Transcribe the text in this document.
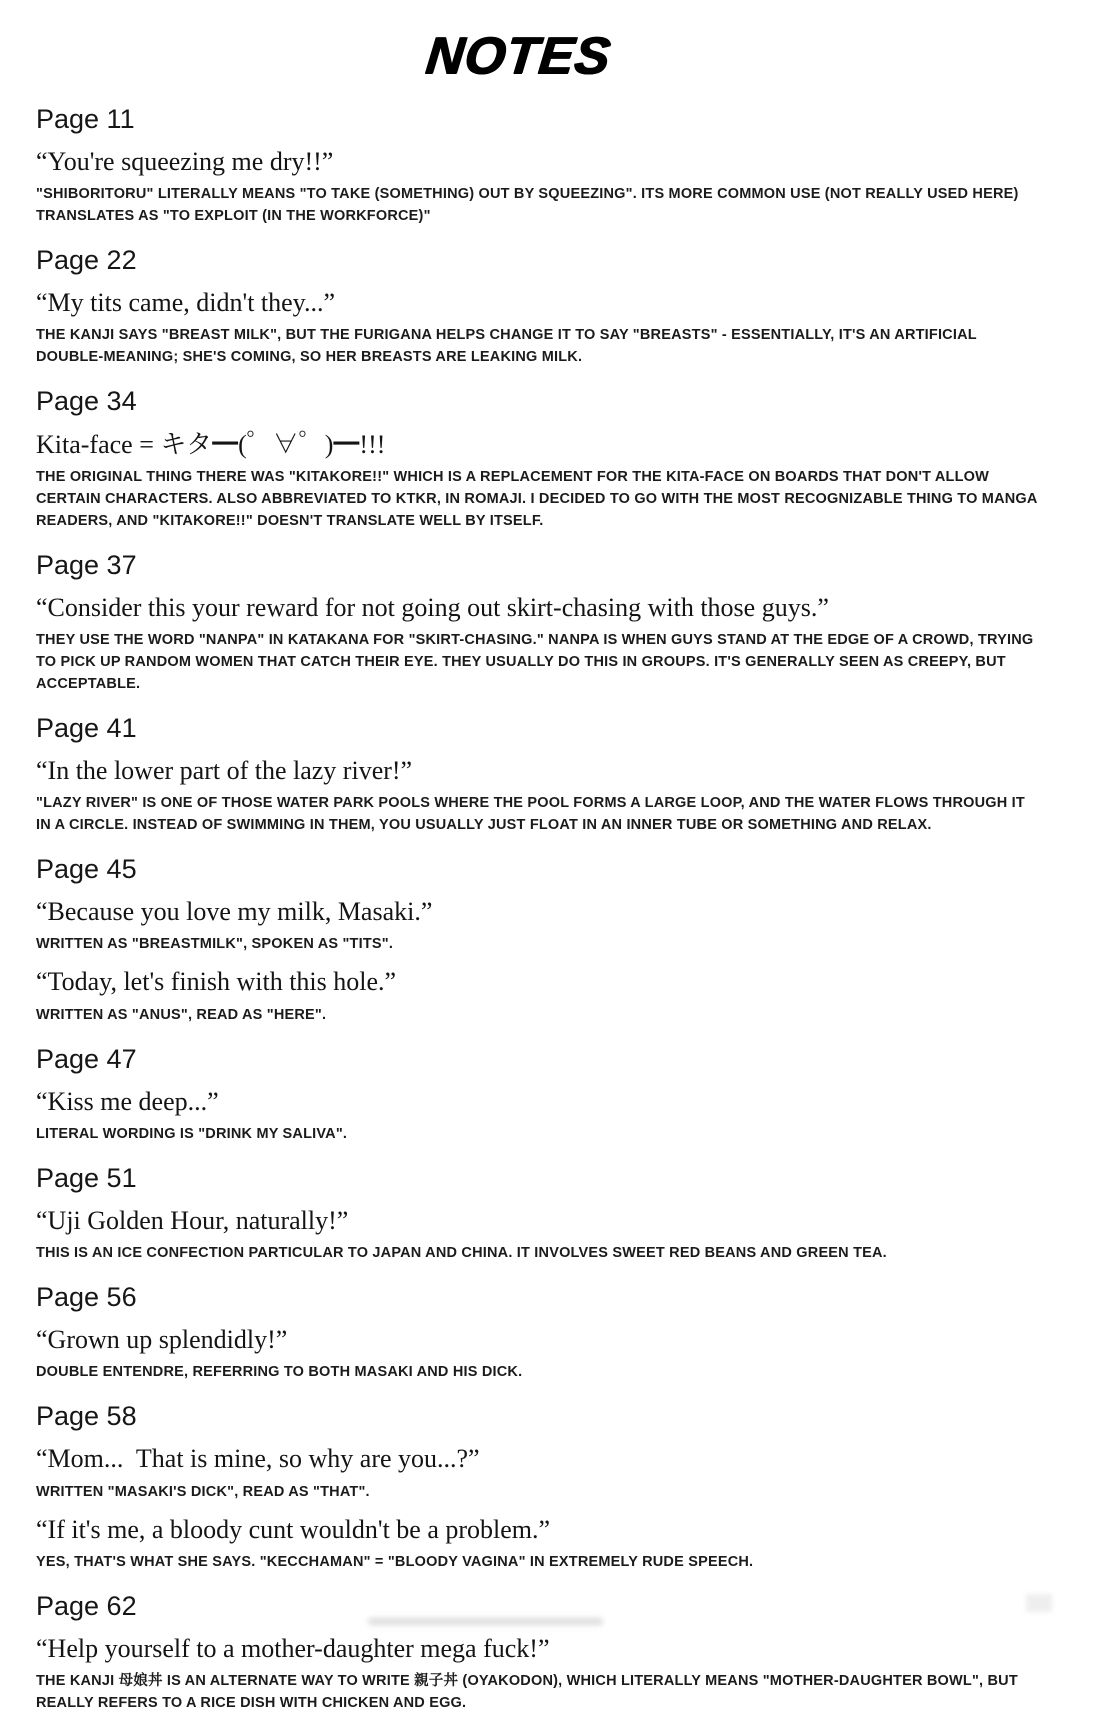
NOTES
Page 11

“You're squeezing me dry!!”

"SHIBORITORU" LITERALLY MEANS "TO TAKE (SOMETHING) OUT BY SQUEEZING". ITS MORE COMMON USE (NOT REALLY USED HERE) TRANSLATES AS "TO EXPLOIT (IN THE WORKFORCE)"

Page 22

“My tits came, didn't they...”

THE KANJI SAYS "BREAST MILK", BUT THE FURIGANA HELPS CHANGE IT TO SAY "BREASTS" - ESSENTIALLY, IT'S AN ARTIFICIAL DOUBLE-MEANING; SHE'S COMING, SO HER BREASTS ARE LEAKING MILK.

Page 34

Kita-face = キタ━(゜∀゜)━!!!

THE ORIGINAL THING THERE WAS "KITAKORE!!" WHICH IS A REPLACEMENT FOR THE KITA-FACE ON BOARDS THAT DON'T ALLOW CERTAIN CHARACTERS. ALSO ABBREVIATED TO KTKR, IN ROMAJI. I DECIDED TO GO WITH THE MOST RECOGNIZABLE THING TO MANGA READERS, AND "KITAKORE!!" DOESN'T TRANSLATE WELL BY ITSELF.

Page 37

“Consider this your reward for not going out skirt-chasing with those guys.”

THEY USE THE WORD "NANPA" IN KATAKANA FOR "SKIRT-CHASING." NANPA IS WHEN GUYS STAND AT THE EDGE OF A CROWD, TRYING TO PICK UP RANDOM WOMEN THAT CATCH THEIR EYE. THEY USUALLY DO THIS IN GROUPS. IT'S GENERALLY SEEN AS CREEPY, BUT ACCEPTABLE.

Page 41

“In the lower part of the lazy river!”

"LAZY RIVER" IS ONE OF THOSE WATER PARK POOLS WHERE THE POOL FORMS A LARGE LOOP, AND THE WATER FLOWS THROUGH IT IN A CIRCLE. INSTEAD OF SWIMMING IN THEM, YOU USUALLY JUST FLOAT IN AN INNER TUBE OR SOMETHING AND RELAX.

Page 45

“Because you love my milk, Masaki.”

WRITTEN AS "BREASTMILK", SPOKEN AS "TITS".

“Today, let's finish with this hole.”

WRITTEN AS "ANUS", READ AS "HERE".

Page 47

“Kiss me deep...”

LITERAL WORDING IS "DRINK MY SALIVA".

Page 51

“Uji Golden Hour, naturally!”

THIS IS AN ICE CONFECTION PARTICULAR TO JAPAN AND CHINA. IT INVOLVES SWEET RED BEANS AND GREEN TEA.

Page 56

“Grown up splendidly!”

DOUBLE ENTENDRE, REFERRING TO BOTH MASAKI AND HIS DICK.

Page 58

“Mom...  That is mine, so why are you...?”

WRITTEN "MASAKI'S DICK", READ AS "THAT".

“If it's me, a bloody cunt wouldn't be a problem.”

YES, THAT'S WHAT SHE SAYS. "KECCHAMAN" = "BLOODY VAGINA" IN EXTREMELY RUDE SPEECH.

Page 62

“Help yourself to a mother-daughter mega fuck!”

THE KANJI 母娘丼 IS AN ALTERNATE WAY TO WRITE 親子丼 (OYAKODON), WHICH LITERALLY MEANS "MOTHER-DAUGHTER BOWL", BUT REALLY REFERS TO A RICE DISH WITH CHICKEN AND EGG.
